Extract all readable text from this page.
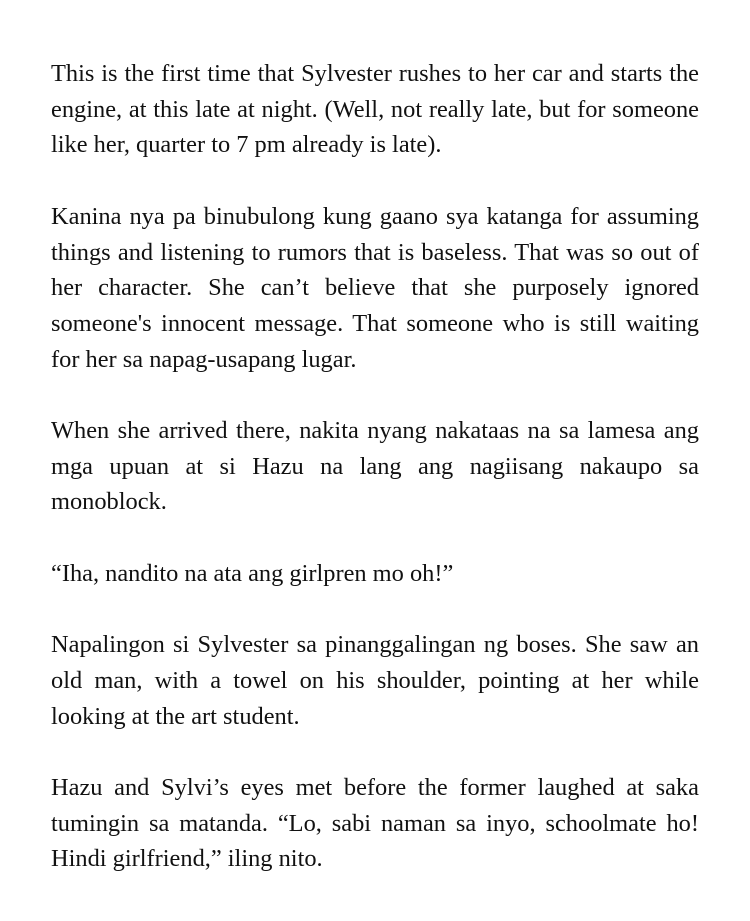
This is the first time that Sylvester rushes to her car and starts the engine, at this late at night. (Well, not really late, but for someone like her, quarter to 7 pm already is late).

Kanina nya pa binubulong kung gaano sya katanga for assuming things and listening to rumors that is baseless. That was so out of her character. She can’t believe that she purposely ignored someone's innocent message. That someone who is still waiting for her sa napag-usapang lugar.

When she arrived there, nakita nyang nakataas na sa lamesa ang mga upuan at si Hazu na lang ang nagiisang nakaupo sa monoblock.

“Iha, nandito na ata ang girlpren mo oh!”

Napalingon si Sylvester sa pinanggalingan ng boses. She saw an old man, with a towel on his shoulder, pointing at her while looking at the art student.

Hazu and Sylvi’s eyes met before the former laughed at saka tumingin sa matanda. “Lo, sabi naman sa inyo, schoolmate ho! Hindi girlfriend,” iling nito.
